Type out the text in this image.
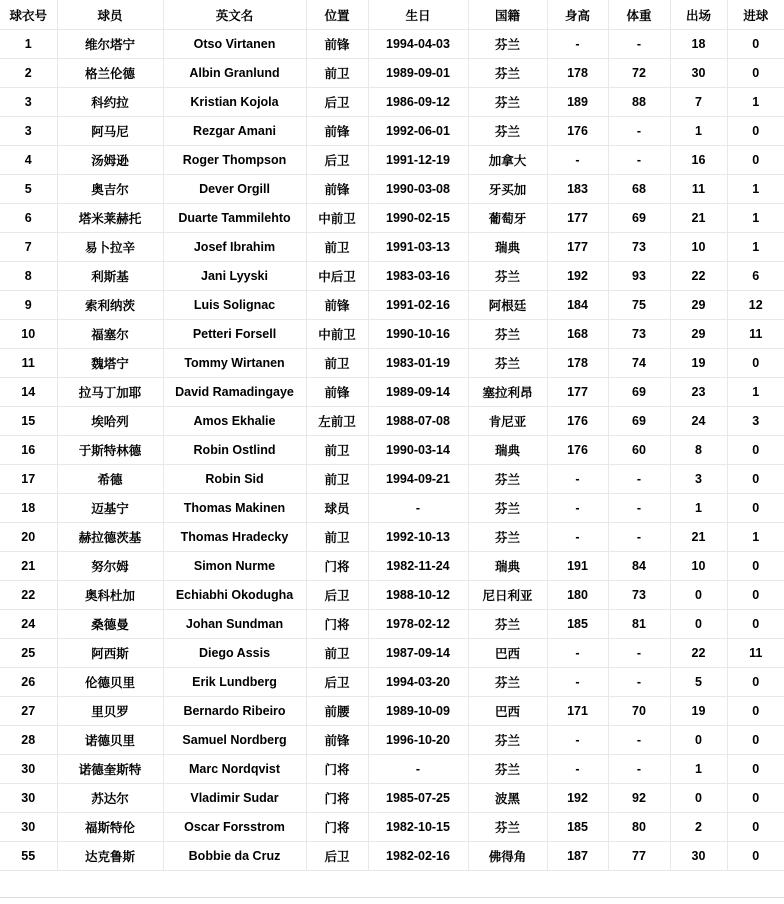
球衣号	球员	英文名	位置	生日	国籍	身高	体重	出场	进球
1	维尔塔宁	Otso Virtanen	前锋	1994-04-03	芬兰	-	-	18	0
2	格兰伦德	Albin Granlund	前卫	1989-09-01	芬兰	178	72	30	0
3	科约拉	Kristian Kojola	后卫	1986-09-12	芬兰	189	88	7	1
3	阿马尼	Rezgar Amani	前锋	1992-06-01	芬兰	176	-	1	0
4	汤姆逊	Roger Thompson	后卫	1991-12-19	加拿大	-	-	16	0
5	奥吉尔	Dever Orgill	前锋	1990-03-08	牙买加	183	68	11	1
6	塔米莱赫托	Duarte Tammilehto	中前卫	1990-02-15	葡萄牙	177	69	21	1
7	易卜拉辛	Josef Ibrahim	前卫	1991-03-13	瑞典	177	73	10	1
8	利斯基	Jani Lyyski	中后卫	1983-03-16	芬兰	192	93	22	6
9	索利纳茨	Luis Solignac	前锋	1991-02-16	阿根廷	184	75	29	12
10	福塞尔	Petteri Forsell	中前卫	1990-10-16	芬兰	168	73	29	11
11	魏塔宁	Tommy Wirtanen	前卫	1983-01-19	芬兰	178	74	19	0
14	拉马丁加耶	David Ramadingaye	前锋	1989-09-14	塞拉利昂	177	69	23	1
15	埃哈列	Amos Ekhalie	左前卫	1988-07-08	肯尼亚	176	69	24	3
16	于斯特林德	Robin Ostlind	前卫	1990-03-14	瑞典	176	60	8	0
17	希德	Robin Sid	前卫	1994-09-21	芬兰	-	-	3	0
18	迈基宁	Thomas Makinen	球员	-	芬兰	-	-	1	0
20	赫拉德茨基	Thomas Hradecky	前卫	1992-10-13	芬兰	-	-	21	1
21	努尔姆	Simon Nurme	门将	1982-11-24	瑞典	191	84	10	0
22	奥科杜加	Echiabhi Okodugha	后卫	1988-10-12	尼日利亚	180	73	0	0
24	桑德曼	Johan Sundman	门将	1978-02-12	芬兰	185	81	0	0
25	阿西斯	Diego Assis	前卫	1987-09-14	巴西	-	-	22	11
26	伦德贝里	Erik Lundberg	后卫	1994-03-20	芬兰	-	-	5	0
27	里贝罗	Bernardo Ribeiro	前腰	1989-10-09	巴西	171	70	19	0
28	诺德贝里	Samuel Nordberg	前锋	1996-10-20	芬兰	-	-	0	0
30	诺德奎斯特	Marc Nordqvist	门将	-	芬兰	-	-	1	0
30	苏达尔	Vladimir Sudar	门将	1985-07-25	波黑	192	92	0	0
30	福斯特伦	Oscar Forsstrom	门将	1982-10-15	芬兰	185	80	2	0
55	达克鲁斯	Bobbie da Cruz	后卫	1982-02-16	佛得角	187	77	30	0
